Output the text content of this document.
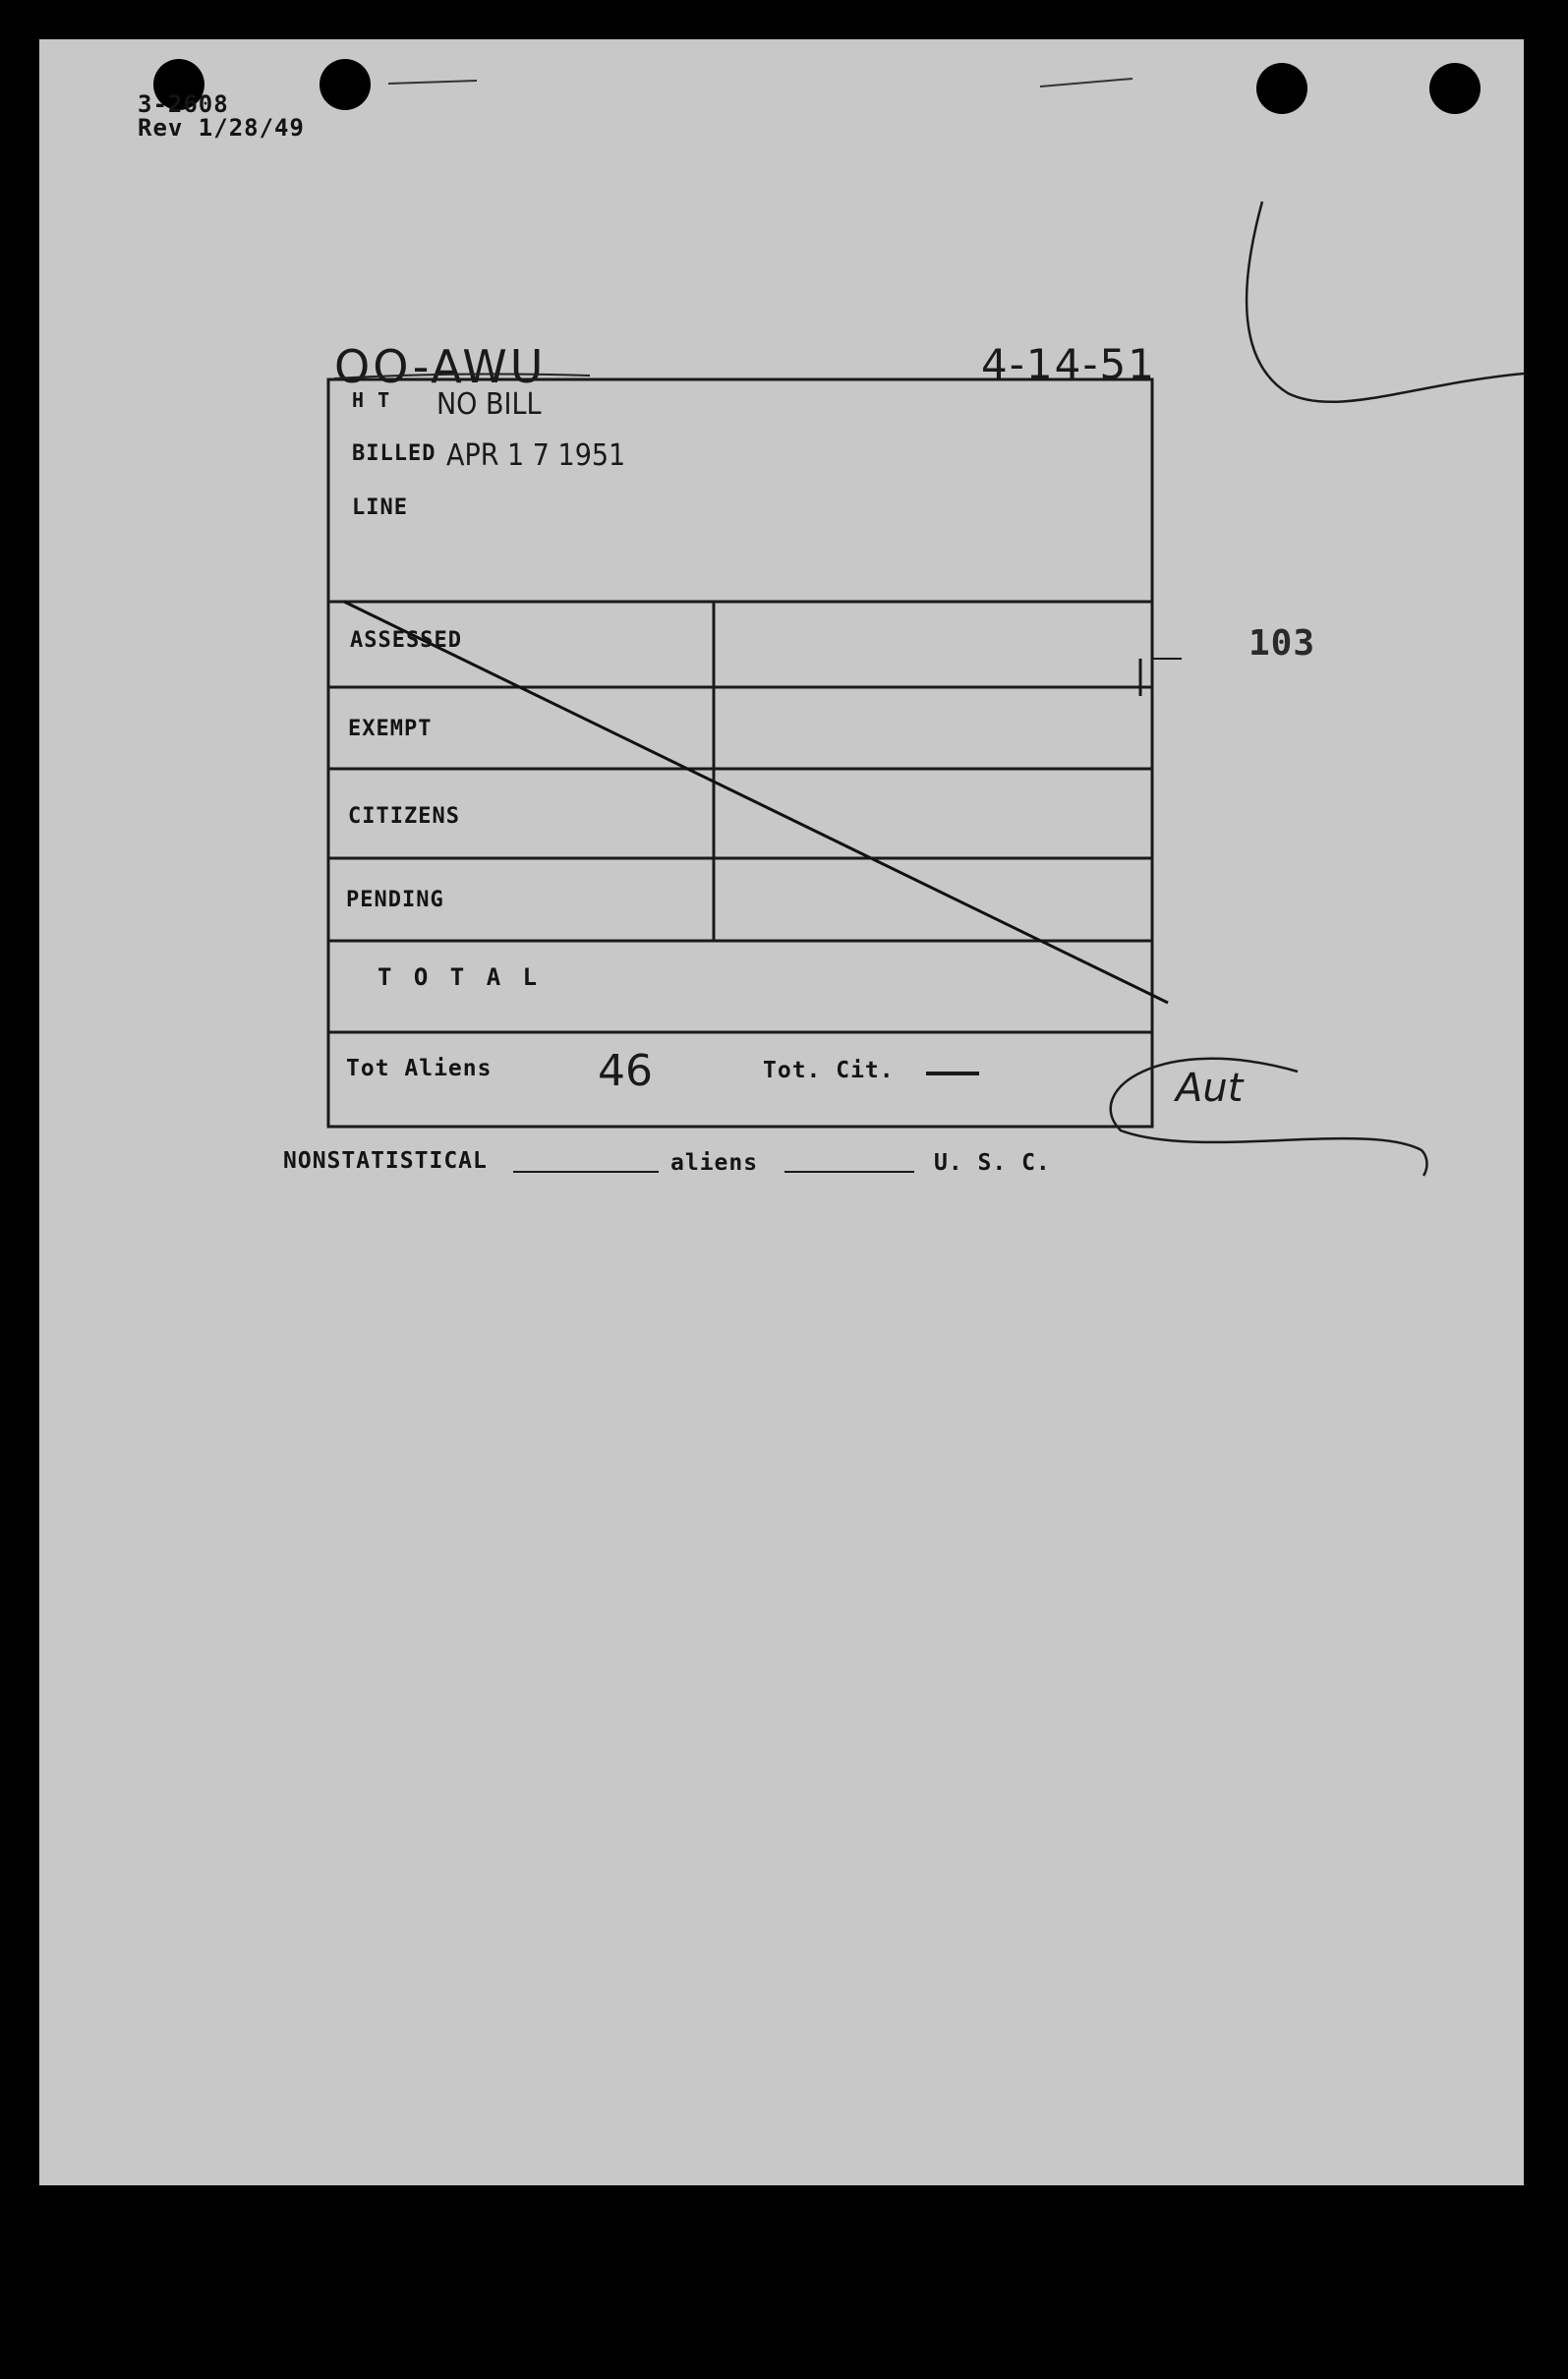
3-2608
Rev 1/28/49
OO-AWU	4-14-51
H T NO BILL
BILLED APR 1 7 1951
LINE
ASSESSED
EXEMPT
CITIZENS
PENDING
T O T A L
Tot Aliens 46	Tot. Cit.
103
Aut
NONSTATISTICAL	aliens	U. S. C.
